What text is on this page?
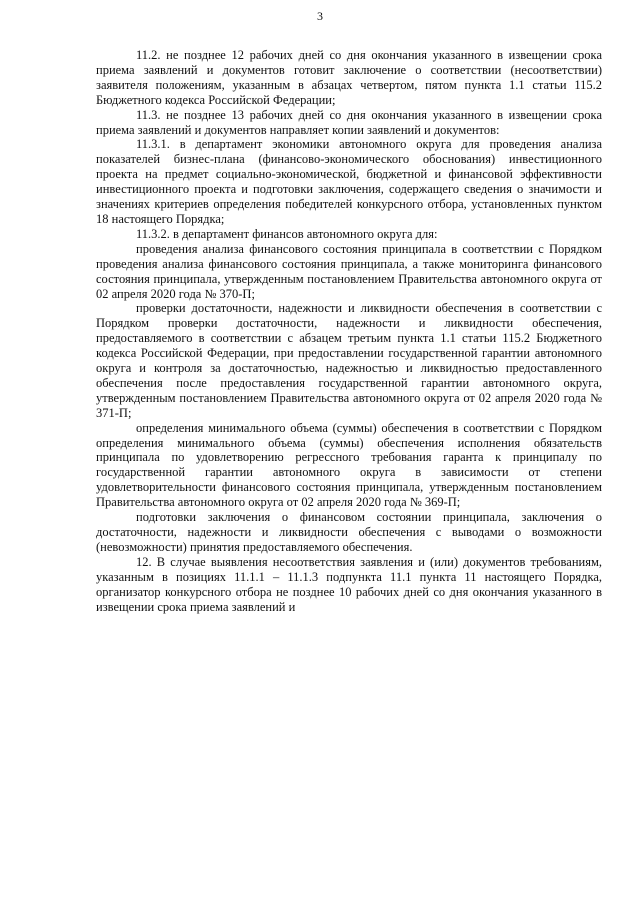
3

11.2. не позднее 12 рабочих дней со дня окончания указанного в извещении срока приема заявлений и документов готовит заключение о соответствии (несоответствии) заявителя положениям, указанным в абзацах четвертом, пятом пункта 1.1 статьи 115.2 Бюджетного кодекса Российской Федерации;

11.3. не позднее 13 рабочих дней со дня окончания указанного в извещении срока приема заявлений и документов направляет копии заявлений и документов:

11.3.1. в департамент экономики автономного округа для проведения анализа показателей бизнес-плана (финансово-экономического обоснования) инвестиционного проекта на предмет социально-экономической, бюджетной и финансовой эффективности инвестиционного проекта и подготовки заключения, содержащего сведения о значимости и значениях критериев определения победителей конкурсного отбора, установленных пунктом 18 настоящего Порядка;

11.3.2. в департамент финансов автономного округа для:

проведения анализа финансового состояния принципала в соответствии с Порядком проведения анализа финансового состояния принципала, а также мониторинга финансового состояния принципала, утвержденным постановлением Правительства автономного округа от 02 апреля 2020 года № 370-П;

проверки достаточности, надежности и ликвидности обеспечения в соответствии с Порядком проверки достаточности, надежности и ликвидности обеспечения, предоставляемого в соответствии с абзацем третьим пункта 1.1 статьи 115.2 Бюджетного кодекса Российской Федерации, при предоставлении государственной гарантии автономного округа и контроля за достаточностью, надежностью и ликвидностью предоставленного обеспечения после предоставления государственной гарантии автономного округа, утвержденным постановлением Правительства автономного округа от 02 апреля 2020 года № 371-П;

определения минимального объема (суммы) обеспечения в соответствии с Порядком определения минимального объема (суммы) обеспечения исполнения обязательств принципала по удовлетворению регрессного требования гаранта к принципалу по государственной гарантии автономного округа в зависимости от степени удовлетворительности финансового состояния принципала, утвержденным постановлением Правительства автономного округа от 02 апреля 2020 года № 369-П;

подготовки заключения о финансовом состоянии принципала, заключения о достаточности, надежности и ликвидности обеспечения с выводами о возможности (невозможности) принятия предоставляемого обеспечения.

12. В случае выявления несоответствия заявления и (или) документов требованиям, указанным в позициях 11.1.1 – 11.1.3 подпункта 11.1 пункта 11 настоящего Порядка, организатор конкурсного отбора не позднее 10 рабочих дней со дня окончания указанного в извещении срока приема заявлений и
